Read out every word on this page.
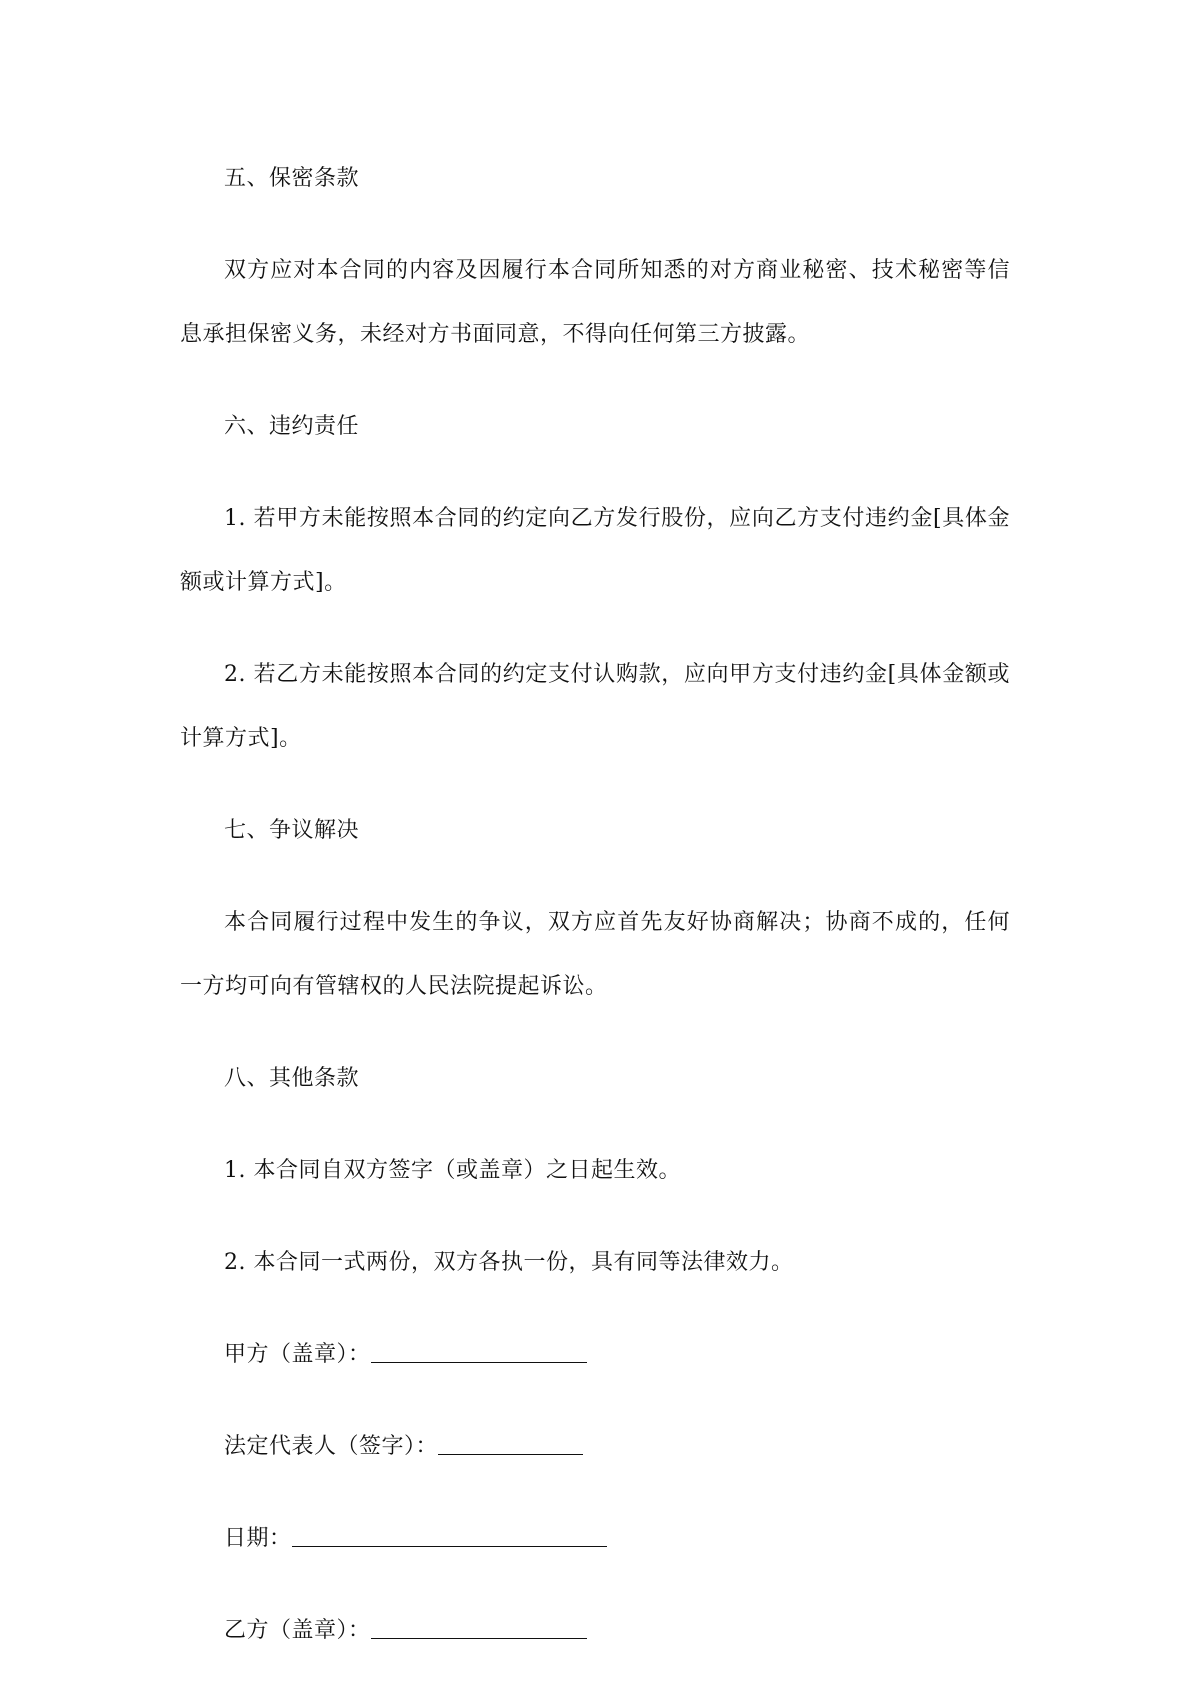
五、保密条款

双方应对本合同的内容及因履行本合同所知悉的对方商业秘密、技术秘密等信息承担保密义务，未经对方书面同意，不得向任何第三方披露。

六、违约责任

1. 若甲方未能按照本合同的约定向乙方发行股份，应向乙方支付违约金[具体金额或计算方式]。

2. 若乙方未能按照本合同的约定支付认购款，应向甲方支付违约金[具体金额或计算方式]。

七、争议解决

本合同履行过程中发生的争议，双方应首先友好协商解决；协商不成的，任何一方均可向有管辖权的人民法院提起诉讼。

八、其他条款

1. 本合同自双方签字（或盖章）之日起生效。

2. 本合同一式两份，双方各执一份，具有同等法律效力。

甲方（盖章）：
法定代表人（签字）：
日期：
乙方（盖章）：
